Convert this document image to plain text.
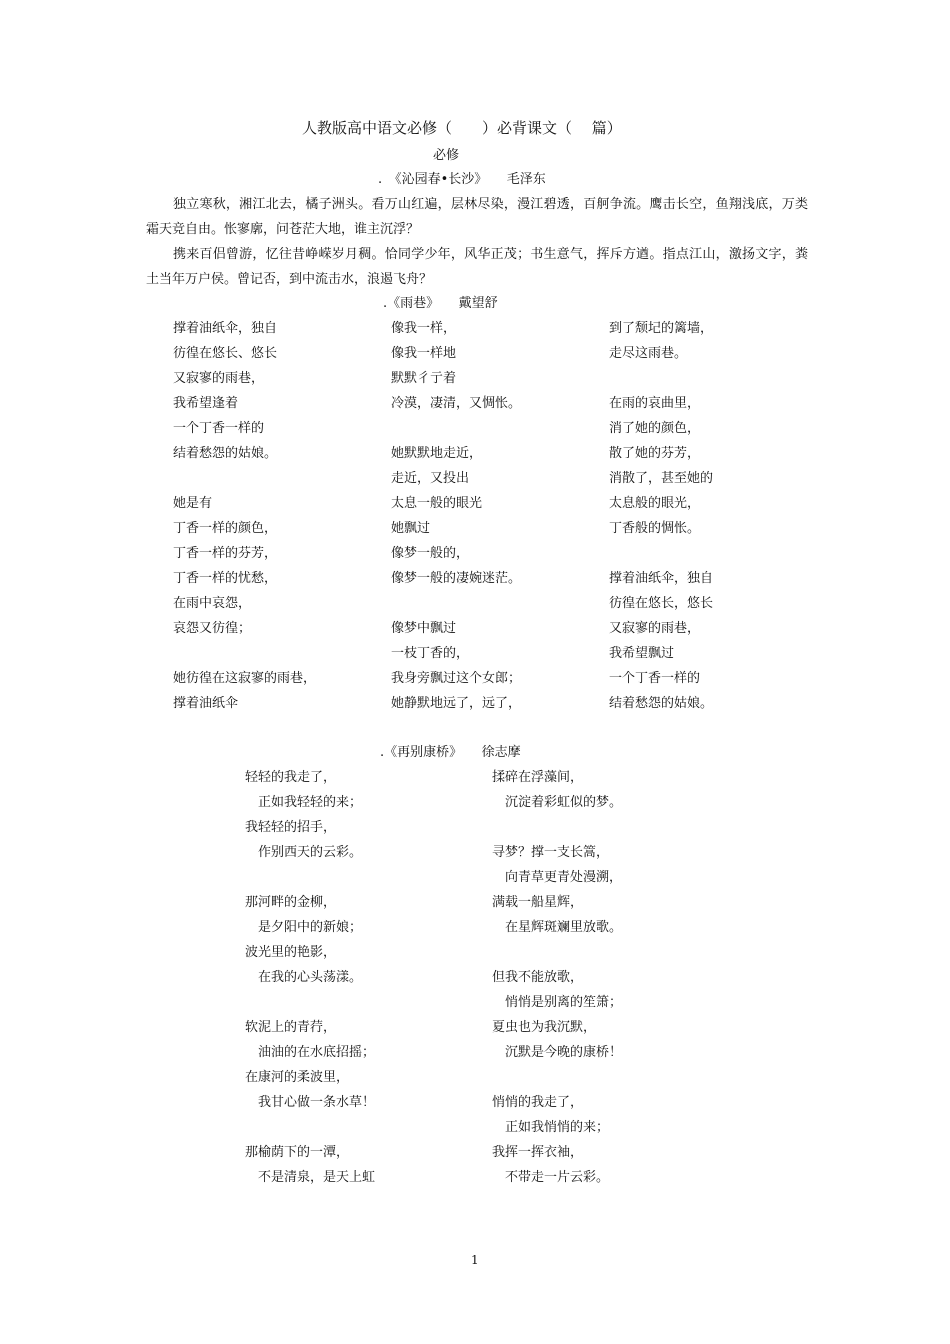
人教版高中语文必修（　　）必背课文（　 篇）
必修
.　《沁园春•长沙》　　毛泽东

独立寒秋，湘江北去，橘子洲头。看万山红遍，层林尽染，漫江碧透，百舸争流。鹰击长空，鱼翔浅底，万类霜天竞自由。怅寥廓，问苍茫大地，谁主沉浮？

携来百侣曾游，忆往昔峥嵘岁月稠。恰同学少年，风华正茂；书生意气，挥斥方遒。指点江山，激扬文字，粪土当年万户侯。曾记否，到中流击水，浪遏飞舟？

.《雨巷》　　戴望舒
撑着油纸伞，独自
彷徨在悠长、悠长
又寂寥的雨巷，
我希望逢着
一个丁香一样的
结着愁怨的姑娘。
她是有
丁香一样的颜色，
丁香一样的芬芳，
丁香一样的忧愁，
在雨中哀怨，
哀怨又彷徨；
她彷徨在这寂寥的雨巷，
撑着油纸伞
像我一样，
像我一样地
默默彳亍着
冷漠，凄清，又惆怅。
她默默地走近，
走近，又投出
太息一般的眼光
她飘过
像梦一般的，
像梦一般的凄婉迷茫。
像梦中飘过
一枝丁香的，
我身旁飘过这个女郎；
她静默地远了，远了，
到了颓圮的篱墙，
走尽这雨巷。
在雨的哀曲里，
消了她的颜色，
散了她的芬芳，
消散了，甚至她的
太息般的眼光，
丁香般的惆怅。
撑着油纸伞，独自
彷徨在悠长，悠长
又寂寥的雨巷，
我希望飘过
一个丁香一样的
结着愁怨的姑娘。
.《再别康桥》　　徐志摩
轻轻的我走了，
　正如我轻轻的来；
我轻轻的招手，
　作别西天的云彩。
那河畔的金柳，
　是夕阳中的新娘；
波光里的艳影，
　在我的心头荡漾。
软泥上的青荇，
　油油的在水底招摇；
在康河的柔波里，
　我甘心做一条水草！
那榆荫下的一潭，
　不是清泉，是天上虹
揉碎在浮藻间，
　沉淀着彩虹似的梦。
寻梦？撑一支长篙，
　向青草更青处漫溯，
满载一船星辉，
　在星辉斑斓里放歌。
但我不能放歌，
　悄悄是别离的笙箫；
夏虫也为我沉默，
　沉默是今晚的康桥！
悄悄的我走了，
　正如我悄悄的来；
我挥一挥衣袖，
　不带走一片云彩。
1
